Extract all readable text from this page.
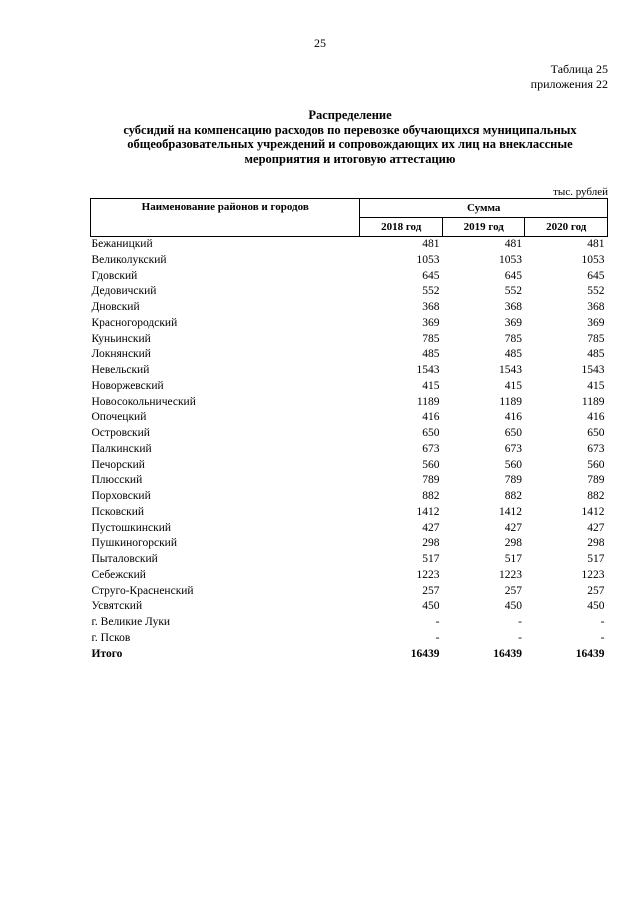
25
Таблица 25
приложения 22
Распределение
субсидий на компенсацию расходов по перевозке обучающихся муниципальных
общеобразовательных учреждений и сопровождающих их лиц на внеклассные
мероприятия и итоговую аттестацию
тыс. рублей
Наименование районов и городов	Сумма		
	2018 год	2019 год	2020 год
Бежаницкий	481	481	481
Великолукский	1053	1053	1053
Гдовский	645	645	645
Дедовичский	552	552	552
Дновский	368	368	368
Красногородский	369	369	369
Куньинский	785	785	785
Локнянский	485	485	485
Невельский	1543	1543	1543
Новоржевский	415	415	415
Новосокольнический	1189	1189	1189
Опочецкий	416	416	416
Островский	650	650	650
Палкинский	673	673	673
Печорский	560	560	560
Плюсский	789	789	789
Порховский	882	882	882
Псковский	1412	1412	1412
Пустошкинский	427	427	427
Пушкиногорский	298	298	298
Пыталовский	517	517	517
Себежский	1223	1223	1223
Струго-Красненский	257	257	257
Усвятский	450	450	450
г. Великие Луки	-	-	-
г. Псков	-	-	-
Итого	16439	16439	16439
